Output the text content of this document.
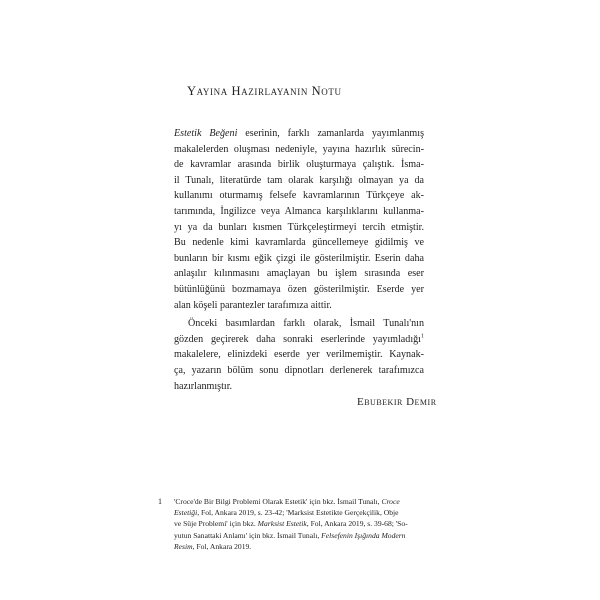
Yayına Hazırlayanın Notu
Estetik Beğeni eserinin, farklı zamanlarda yayımlanmış
makalelerden oluşması nedeniyle, yayına hazırlık sürecin-
de kavramlar arasında birlik oluşturmaya çalıştık. İsma-
il Tunalı, literatürde tam olarak karşılığı olmayan ya da
kullanımı oturmamış felsefe kavramlarının Türkçeye ak-
tarımında, İngilizce veya Almanca karşılıklarını kullanma-
yı ya da bunları kısmen Türkçeleştirmeyi tercih etmiştir.
Bu nedenle kimi kavramlarda güncellemeye gidilmiş ve
bunların bir kısmı eğik çizgi ile gösterilmiştir. Eserin daha
anlaşılır kılınmasını amaçlayan bu işlem sırasında eser
bütünlüğünü bozmamaya özen gösterilmiştir. Eserde yer
alan köşeli parantezler tarafımıza aittir.
Önceki basımlardan farklı olarak, İsmail Tunalı'nın
gözden geçirerek daha sonraki eserlerinde yayımladığı$^1$
makalelere, elinizdeki eserde yer verilmemiştir. Kaynak-
ça, yazarın bölüm sonu dipnotları derlenerek tarafımızca
hazırlanmıştır.
Ebubekir Demir
1 'Croce'de Bir Bilgi Problemi Olarak Estetik' için bkz. İsmail Tunalı, Croce
Estetiği, Fol, Ankara 2019, s. 23-42; 'Marksist Estetikte Gerçekçilik, Obje
ve Süje Problemi' için bkz. Marksist Estetik, Fol, Ankara 2019, s. 39-68; 'So-
yutun Sanattaki Anlamı' için bkz. İsmail Tunalı, Felsefenin Işığında Modern
Resim, Fol, Ankara 2019.
